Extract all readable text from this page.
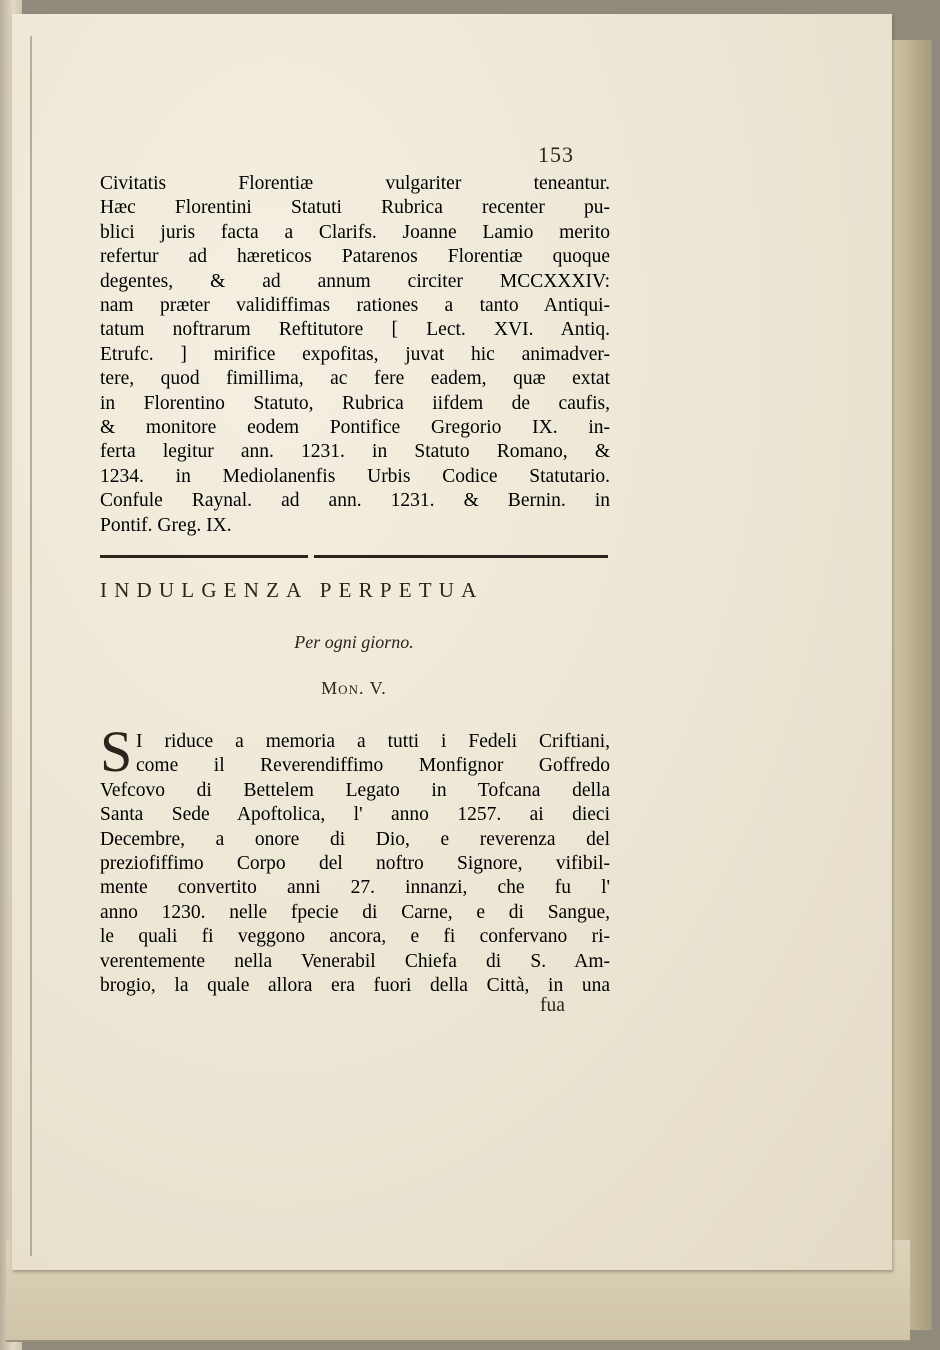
153
Civitatis Florentiæ vulgariter teneantur.
Hæc Florentini Statuti Rubrica recenter pu-
blici juris facta a Clarifs. Joanne Lamio merito
refertur ad hæreticos Patarenos Florentiæ quoque
degentes, & ad annum circiter MCCXXXIV:
nam præter validiffimas rationes a tanto Antiqui-
tatum noftrarum Reftitutore [ Lect. XVI. Antiq.
Etrufc. ] mirifice expofitas, juvat hic animadver-
tere, quod fimillima, ac fere eadem, quæ extat
in Florentino Statuto, Rubrica iifdem de caufis,
& monitore eodem Pontifice Gregorio IX. in-
ferta legitur ann. 1231. in Statuto Romano, &
1234. in Mediolanenfis Urbis Codice Statutario.
Confule Raynal. ad ann. 1231. & Bernin. in
Pontif. Greg. IX.
INDULGENZA PERPETUA
Per ogni giorno.
Mon. V.
S I riduce a memoria a tutti i Fedeli Criftiani,
come il Reverendiffimo Monfignor Goffredo
Vefcovo di Bettelem Legato in Tofcana della
Santa Sede Apoftolica, l' anno 1257. ai dieci
Decembre, a onore di Dio, e reverenza del
preziofiffimo Corpo del noftro Signore, vifibil-
mente convertito anni 27. innanzi, che fu l'
anno 1230. nelle fpecie di Carne, e di Sangue,
le quali fi veggono ancora, e fi confervano ri-
verentemente nella Venerabil Chiefa di S. Am-
brogio, la quale allora era fuori della Città, in una
fua
